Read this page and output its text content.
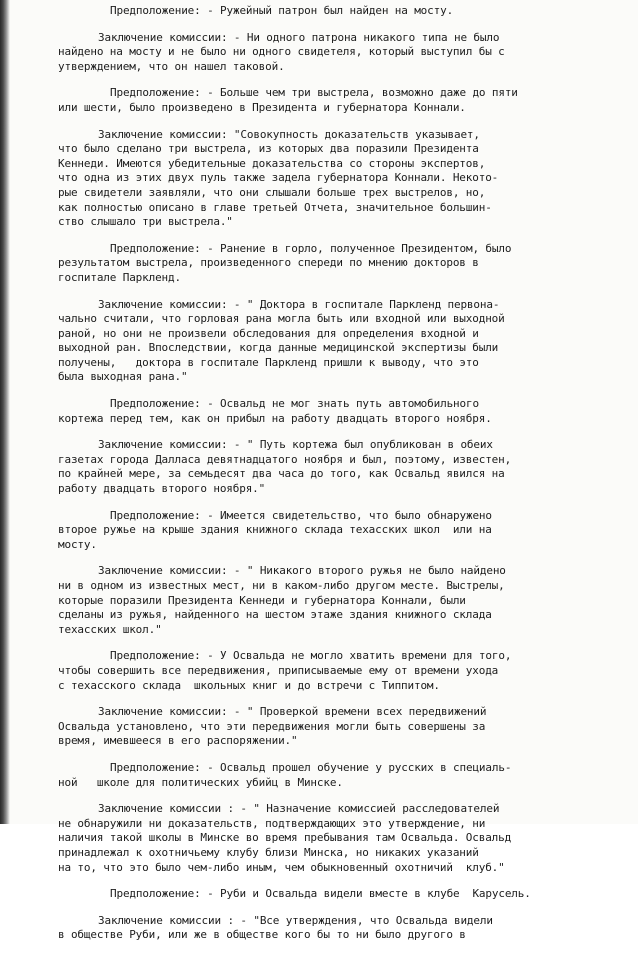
Предположение: - Ружейный патрон был найден на мосту.
Заключение комиссии: - Ни одного патрона никакого типа не было
найдено на мосту и не было ни одного свидетеля, который выступил бы с
утверждением, что он нашел таковой.
Предположение: - Больше чем три выстрела, возможно даже до пяти
или шести, было произведено в Президента и губернатора Коннали.
Заключение комиссии: "Совокупность доказательств указывает,
что было сделано три выстрела, из которых два поразили Президента
Кеннеди. Имеются убедительные доказательства со стороны экспертов,
что одна из этих двух пуль также задела губернатора Коннали. Некото-
рые свидетели заявляли, что они слышали больше трех выстрелов, но,
как полностью описано в главе третьей Отчета, значительное большин-
ство слышало три выстрела."
Предположение: - Ранение в горло, полученное Президентом, было
результатом выстрела, произведенного спереди по мнению докторов в
госпитале Паркленд.
Заключение комиссии: - " Доктора в госпитале Паркленд первона-
чально считали, что горловая рана могла быть или входной или выходной
раной, но они не произвели обследования для определения входной и
выходной ран. Впоследствии, когда данные медицинской экспертизы были
получены,   доктора в госпитале Паркленд пришли к выводу, что это
была выходная рана."
Предположение: - Освальд не мог знать путь автомобильного
кортежа перед тем, как он прибыл на работу двадцать второго ноября.
Заключение комиссии: - " Путь кортежа был опубликован в обеих
газетах города Далласа девятнадцатого ноября и был, поэтому, известен,
по крайней мере, за семьдесят два часа до того, как Освальд явился на
работу двадцать второго ноября."
Предположение: - Имеется свидетельство, что было обнаружено
второе ружье на крыше здания книжного склада техасских школ  или на
мосту.
Заключение комиссии: - " Никакого второго ружья не было найдено
ни в одном из известных мест, ни в каком-либо другом месте. Выстрелы,
которые поразили Президента Кеннеди и губернатора Коннали, были
сделаны из ружья, найденного на шестом этаже здания книжного склада
техасских школ."
Предположение: - У Освальда не могло хватить времени для того,
чтобы совершить все передвижения, приписываемые ему от времени ухода
с техасского склада  школьных книг и до встречи с Типпитом.
Заключение комиссии: - " Проверкой времени всех передвижений
Освальда установлено, что эти передвижения могли быть совершены за
время, имевшееся в его распоряжении."
Предположение: - Освальд прошел обучение у русских в специаль-
ной   школе для политических убийц в Минске.
Заключение комиссии : - " Назначение комиссией расследователей
не обнаружили ни доказательств, подтверждающих это утверждение, ни
наличия такой школы в Минске во время пребывания там Освальда. Освальд
принадлежал к охотничьему клубу близи Минска, но никаких указаний
на то, что это было чем-либо иным, чем обыкновенный охотничий  клуб."
Предположение: - Руби и Освальда видели вместе в клубе  Карусель.
Заключение комиссии : - "Все утверждения, что Освальда видели
в обществе Руби, или же в обществе кого бы то ни было другого в
